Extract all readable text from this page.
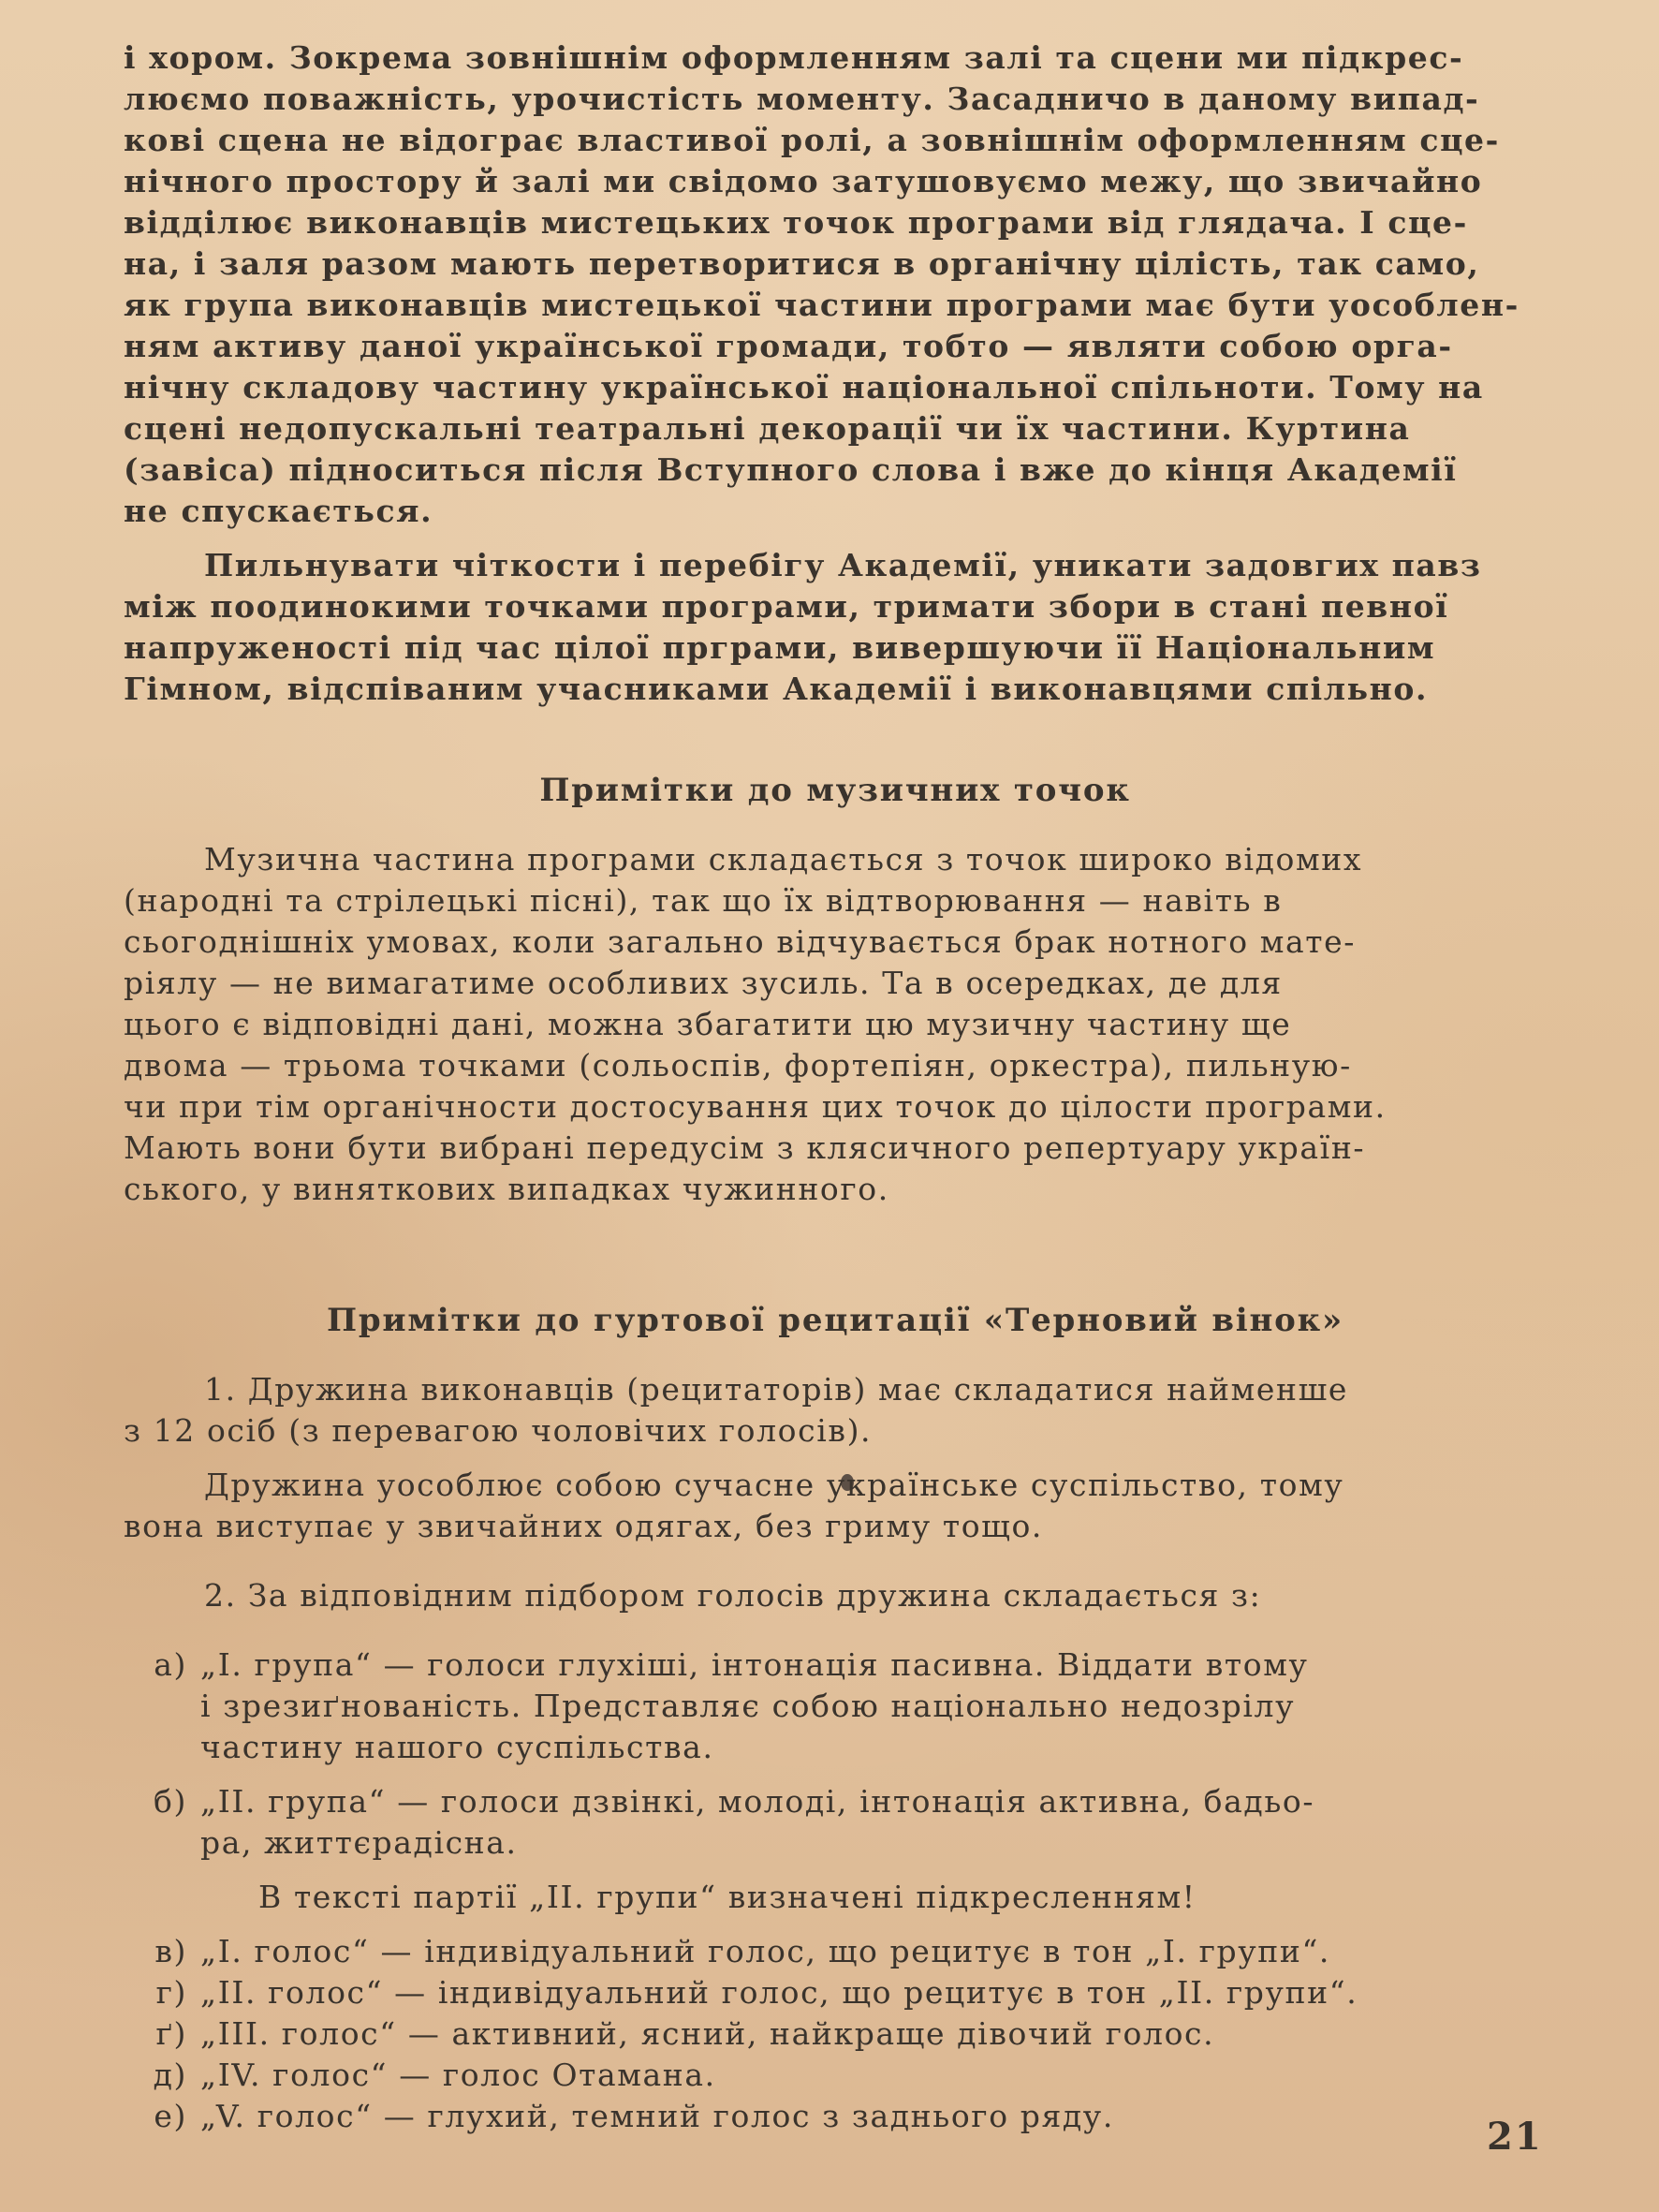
і хором. Зокрема зовнішнім оформленням залі та сцени ми підкрес-
люємо поважність, урочистість моменту. Засадничо в даному випад-
кові сцена не відограє властивої ролі, а зовнішнім оформленням сце-
нічного простору й залі ми свідомо затушовуємо межу, що звичайно
відділює виконавців мистецьких точок програми від глядача. І сце-
на, і заля разом мають перетворитися в органічну цілість, так само,
як група виконавців мистецької частини програми має бути уособлен-
ням активу даної української громади, тобто — являти собою орга-
нічну складову частину української національної спільноти. Тому на
сцені недопускальні театральні декорації чи їх частини. Куртина
(завіса) підноситься після Вступного слова і вже до кінця Академії
не спускається.

Пильнувати чіткости і перебігу Академії, уникати задовгих павз
між поодинокими точками програми, тримати збори в стані певної
напруженості під час цілої прграми, вивершуючи її Національним
Гімном, відспіваним учасниками Академії і виконавцями спільно.

Примітки до музичних точок

Музична частина програми складається з точок широко відомих
(народні та стрілецькі пісні), так що їх відтворювання — навіть в
сьогоднішніх умовах, коли загально відчувається брак нотного мате-
ріялу — не вимагатиме особливих зусиль. Та в осередках, де для
цього є відповідні дані, можна збагатити цю музичну частину ще
двома — трьома точками (сольоспів, фортепіян, оркестра), пильную-
чи при тім органічности достосування цих точок до цілости програми.
Мають вони бути вибрані передусім з клясичного репертуару україн-
ського, у виняткових випадках чужинного.

Примітки до гуртової рецитації «Терновий вінок»

1. Дружина виконавців (рецитаторів) має складатися найменше
з 12 осіб (з перевагою чоловічих голосів).

Дружина уособлює собою сучасне українське суспільство, тому
вона виступає у звичайних одягах, без гриму тощо.

2. За відповідним підбором голосів дружина складається з:

а) „І. група“ — голоси глухіші, інтонація пасивна. Віддати втому
і зрезиґнованість. Представляє собою національно недозрілу
частину нашого суспільства.
б) „ІІ. група“ — голоси дзвінкі, молоді, інтонація активна, бадьо-
ра, життєрадісна.
В тексті партії „ІІ. групи“ визначені підкресленням!
в) „І. голос“ — індивідуальний голос, що рецитує в тон „І. групи“.
г) „ІІ. голос“ — індивідуальний голос, що рецитує в тон „ІІ. групи“.
ґ) „ІІІ. голос“ — активний, ясний, найкраще дівочий голос.
д) „IV. голос“ — голос Отамана.
е) „V. голос“ — глухий, темний голос з заднього ряду.	21
